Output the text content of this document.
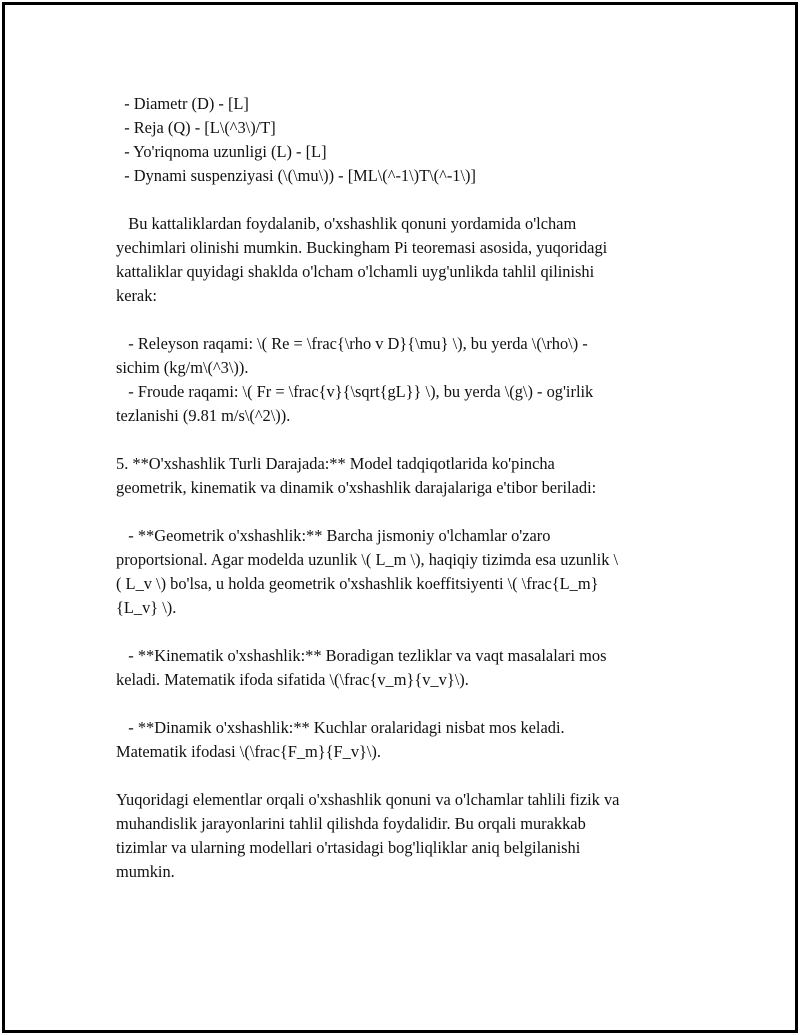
- Diametr (D) - [L]
- Reja (Q) - [L\(^3\)/T]
- Yo'riqnoma uzunligi (L) - [L]
- Dynami suspenziyasi (\(\mu\)) - [ML\(^-1\)T\(^-1\)]
Bu kattaliklardan foydalanib, o'xshashlik qonuni yordamida o'lcham
yechimlari olinishi mumkin. Buckingham Pi teoremasi asosida, yuqoridagi
kattaliklar quyidagi shaklda o'lcham o'lchamli uyg'unlikda tahlil qilinishi
kerak:
- Releyson raqami: \( Re = \frac{\rho v D}{\mu} \), bu yerda \(\rho\) -
sichim (kg/m\(^3\)).
- Froude raqami: \( Fr = \frac{v}{\sqrt{gL}} \), bu yerda \(g\) - og'irlik
tezlanishi (9.81 m/s\(^2\)).
5. **O'xshashlik Turli Darajada:** Model tadqiqotlarida ko'pincha
geometrik, kinematik va dinamik o'xshashlik darajalariga e'tibor beriladi:
- **Geometrik o'xshashlik:** Barcha jismoniy o'lchamlar o'zaro
proportsional. Agar modelda uzunlik \( L_m \), haqiqiy tizimda esa uzunlik \
( L_v \) bo'lsa, u holda geometrik o'xshashlik koeffitsiyenti \( \frac{L_m}
{L_v} \).
- **Kinematik o'xshashlik:** Boradigan tezliklar va vaqt masalalari mos
keladi. Matematik ifoda sifatida \(\frac{v_m}{v_v}\).
- **Dinamik o'xshashlik:** Kuchlar oralaridagi nisbat mos keladi.
Matematik ifodasi \(\frac{F_m}{F_v}\).
Yuqoridagi elementlar orqali o'xshashlik qonuni va o'lchamlar tahlili fizik va
muhandislik jarayonlarini tahlil qilishda foydalidir. Bu orqali murakkab
tizimlar va ularning modellari o'rtasidagi bog'liqliklar aniq belgilanishi
mumkin.
